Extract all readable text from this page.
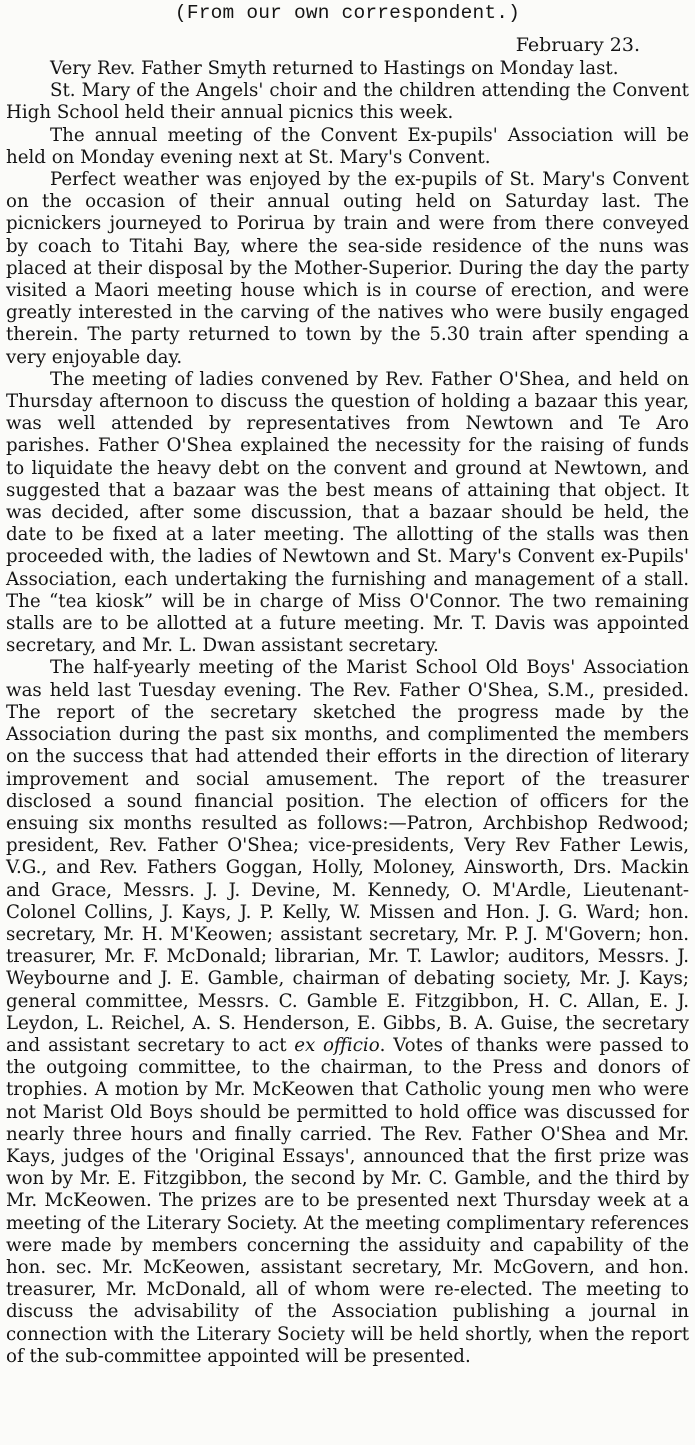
(From our own correspondent.)
February 23.

Very Rev. Father Smyth returned to Hastings on Monday last.

St. Mary of the Angels' choir and the children attending the Convent High School held their annual picnics this week.

The annual meeting of the Convent Ex-pupils' Association will be held on Monday evening next at St. Mary's Convent.

Perfect weather was enjoyed by the ex-pupils of St. Mary's Convent on the occasion of their annual outing held on Saturday last. The picnickers journeyed to Porirua by train and were from there conveyed by coach to Titahi Bay, where the sea-side residence of the nuns was placed at their disposal by the Mother-Superior. During the day the party visited a Maori meeting house which is in course of erection, and were greatly interested in the carving of the natives who were busily engaged therein. The party returned to town by the 5.30 train after spending a very enjoyable day.

The meeting of ladies convened by Rev. Father O'Shea, and held on Thursday afternoon to discuss the question of holding a bazaar this year, was well attended by representatives from Newtown and Te Aro parishes. Father O'Shea explained the necessity for the raising of funds to liquidate the heavy debt on the convent and ground at Newtown, and suggested that a bazaar was the best means of attaining that object. It was decided, after some discussion, that a bazaar should be held, the date to be fixed at a later meeting. The allotting of the stalls was then proceeded with, the ladies of Newtown and St. Mary's Convent ex-Pupils' Association, each undertaking the furnishing and management of a stall. The “tea kiosk” will be in charge of Miss O'Connor. The two remaining stalls are to be allotted at a future meeting. Mr. T. Davis was appointed secretary, and Mr. L. Dwan assistant secretary.

The half-yearly meeting of the Marist School Old Boys' Association was held last Tuesday evening. The Rev. Father O'Shea, S.M., presided. The report of the secretary sketched the progress made by the Association during the past six months, and complimented the members on the success that had attended their efforts in the direction of literary improvement and social amusement. The report of the treasurer disclosed a sound financial position. The election of officers for the ensuing six months resulted as follows:—Patron, Archbishop Redwood; president, Rev. Father O'Shea; vice-presidents, Very Rev Father Lewis, V.G., and Rev. Fathers Goggan, Holly, Moloney, Ainsworth, Drs. Mackin and Grace, Messrs. J. J. Devine, M. Kennedy, O. M'Ardle, Lieutenant-Colonel Collins, J. Kays, J. P. Kelly, W. Missen and Hon. J. G. Ward; hon. secretary, Mr. H. M'Keowen; assistant secretary, Mr. P. J. M'Govern; hon. treasurer, Mr. F. McDonald; librarian, Mr. T. Lawlor; auditors, Messrs. J. Weybourne and J. E. Gamble, chairman of debating society, Mr. J. Kays; general committee, Messrs. C. Gamble E. Fitzgibbon, H. C. Allan, E. J. Leydon, L. Reichel, A. S. Henderson, E. Gibbs, B. A. Guise, the secretary and assistant secretary to act ex officio. Votes of thanks were passed to the outgoing committee, to the chairman, to the Press and donors of trophies. A motion by Mr. McKeowen that Catholic young men who were not Marist Old Boys should be permitted to hold office was discussed for nearly three hours and finally carried. The Rev. Father O'Shea and Mr. Kays, judges of the 'Original Essays', announced that the first prize was won by Mr. E. Fitzgibbon, the second by Mr. C. Gamble, and the third by Mr. McKeowen. The prizes are to be presented next Thursday week at a meeting of the Literary Society. At the meeting complimentary references were made by members concerning the assiduity and capability of the hon. sec. Mr. McKeowen, assistant secretary, Mr. McGovern, and hon. treasurer, Mr. McDonald, all of whom were re-elected. The meeting to discuss the advisability of the Association publishing a journal in connection with the Literary Society will be held shortly, when the report of the sub-committee appointed will be presented.
